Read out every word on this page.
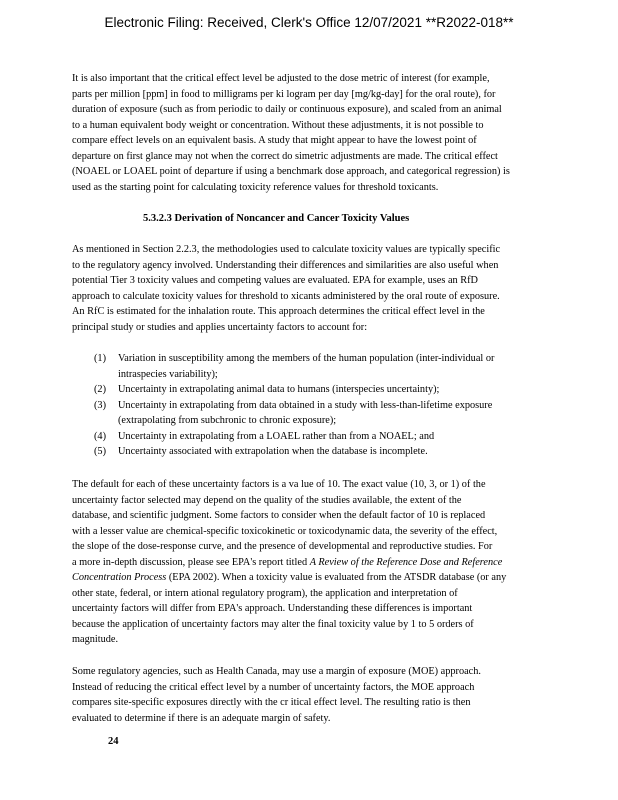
Electronic Filing: Received, Clerk's Office 12/07/2021 **R2022-018**
It is also important that the critical effect level be adjusted to the dose metric of interest (for example,
parts per million [ppm] in food to milligrams per ki logram per day [mg/kg-day] for the oral route), for
duration of exposure (such as from periodic to daily or continuous exposure), and scaled from an animal
to a human equivalent body weight or concentration. Without these adjustments, it is not possible to
compare effect levels on an equivalent basis. A study that might appear to have the lowest point of
departure on first glance may not when the correct do simetric adjustments are made. The critical effect
(NOAEL or LOAEL point of departure if using a benchmark dose approach, and categorical regression) is
used as the starting point for calculating toxicity reference values for threshold toxicants.
5.3.2.3 Derivation of Noncancer and Cancer Toxicity Values
As mentioned in Section 2.2.3, the methodologies used to calculate toxicity values are typically specific
to the regulatory agency involved. Understanding their differences and similarities are also useful when
potential Tier 3 toxicity values and competing values are evaluated. EPA for example, uses an RfD
approach to calculate toxicity values for threshold to xicants administered by the oral route of exposure.
An RfC is estimated for the inhalation route. This approach determines the critical effect level in the
principal study or studies and applies uncertainty factors to account for:
(1) Variation in susceptibility among the members of the human population (inter-individual or
intraspecies variability);
(2) Uncertainty in extrapolating animal data to humans (interspecies uncertainty);
(3) Uncertainty in extrapolating from data obtained in a study with less-than-lifetime exposure
(extrapolating from subchronic to chronic exposure);
(4) Uncertainty in extrapolating from a LOAEL rather than from a NOAEL; and
(5) Uncertainty associated with extrapolation when the database is incomplete.
The default for each of these uncertainty factors is a va lue of 10. The exact value (10, 3, or 1) of the
uncertainty factor selected may depend on the quality of the studies available, the extent of the
database, and scientific judgment. Some factors to consider when the default factor of 10 is replaced
with a lesser value are chemical-specific toxicokinetic or toxicodynamic data, the severity of the effect,
the slope of the dose-response curve, and the presence of developmental and reproductive studies. For
a more in-depth discussion, please see EPA's report titled A Review of the Reference Dose and Reference
Concentration Process (EPA 2002). When a toxicity value is evaluated from the ATSDR database (or any
other state, federal, or intern ational regulatory program), the application and interpretation of
uncertainty factors will differ from EPA's approach. Understanding these differences is important
because the application of uncertainty factors may alter the final toxicity value by 1 to 5 orders of
magnitude.
Some regulatory agencies, such as Health Canada, may use a margin of exposure (MOE) approach.
Instead of reducing the critical effect level by a number of uncertainty factors, the MOE approach
compares site-specific exposures directly with the cr itical effect level. The resulting ratio is then
evaluated to determine if there is an adequate margin of safety.
24
